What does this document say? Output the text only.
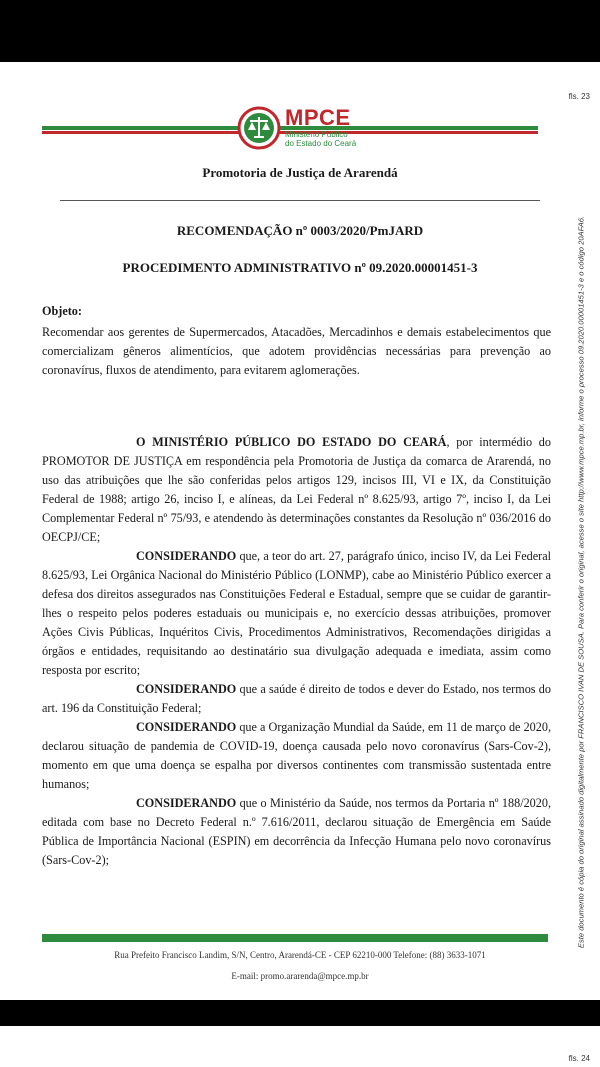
fls. 23
MPCE
Ministério Público
do Estado do Ceará
Promotoria de Justiça de Ararendá
RECOMENDAÇÃO nº 0003/2020/PmJARD
PROCEDIMENTO ADMINISTRATIVO nº 09.2020.00001451-3
Objeto:

Recomendar aos gerentes de Supermercados, Atacadões, Mercadinhos e demais estabelecimentos que comercializam gêneros alimentícios, que adotem providências necessárias para prevenção ao coronavírus, fluxos de atendimento, para evitarem aglomerações.

O MINISTÉRIO PÚBLICO DO ESTADO DO CEARÁ, por intermédio do PROMOTOR DE JUSTIÇA em respondência pela Promotoria de Justiça da comarca de Ararendá, no uso das atribuições que lhe são conferidas pelos artigos 129, incisos III, VI e IX, da Constituição Federal de 1988; artigo 26, inciso I, e alíneas, da Lei Federal nº 8.625/93, artigo 7º, inciso I, da Lei Complementar Federal nº 75/93, e atendendo às determinações constantes da Resolução nº 036/2016 do OECPJ/CE;

CONSIDERANDO que, a teor do art. 27, parágrafo único, inciso IV, da Lei Federal 8.625/93, Lei Orgânica Nacional do Ministério Público (LONMP), cabe ao Ministério Público exercer a defesa dos direitos assegurados nas Constituições Federal e Estadual, sempre que se cuidar de garantir-lhes o respeito pelos poderes estaduais ou municipais e, no exercício dessas atribuições, promover Ações Civis Públicas, Inquéritos Civis, Procedimentos Administrativos, Recomendações dirigidas a órgãos e entidades, requisitando ao destinatário sua divulgação adequada e imediata, assim como resposta por escrito;

CONSIDERANDO que a saúde é direito de todos e dever do Estado, nos termos do art. 196 da Constituição Federal;

CONSIDERANDO que a Organização Mundial da Saúde, em 11 de março de 2020, declarou situação de pandemia de COVID-19, doença causada pelo novo coronavírus (Sars-Cov-2), momento em que uma doença se espalha por diversos continentes com transmissão sustentada entre humanos;

CONSIDERANDO que o Ministério da Saúde, nos termos da Portaria nº 188/2020, editada com base no Decreto Federal n.º 7.616/2011, declarou situação de Emergência em Saúde Pública de Importância Nacional (ESPIN) em decorrência da Infecção Humana pelo novo coronavírus (Sars-Cov-2);	Este documento é cópia do original assinado digitalmente por FRANCISCO IVAN DE SOUSA. Para conferir o original, acesse o site http://www.mpce.mp.br, informe o processo 09.2020.00001451-3 e o código 20AFA6.
Rua Prefeito Francisco Landim, S/N, Centro, Ararendá-CE - CEP 62210-000 Telefone: (88) 3633-1071
E-mail: promo.ararenda@mpce.mp.br
fls. 24
